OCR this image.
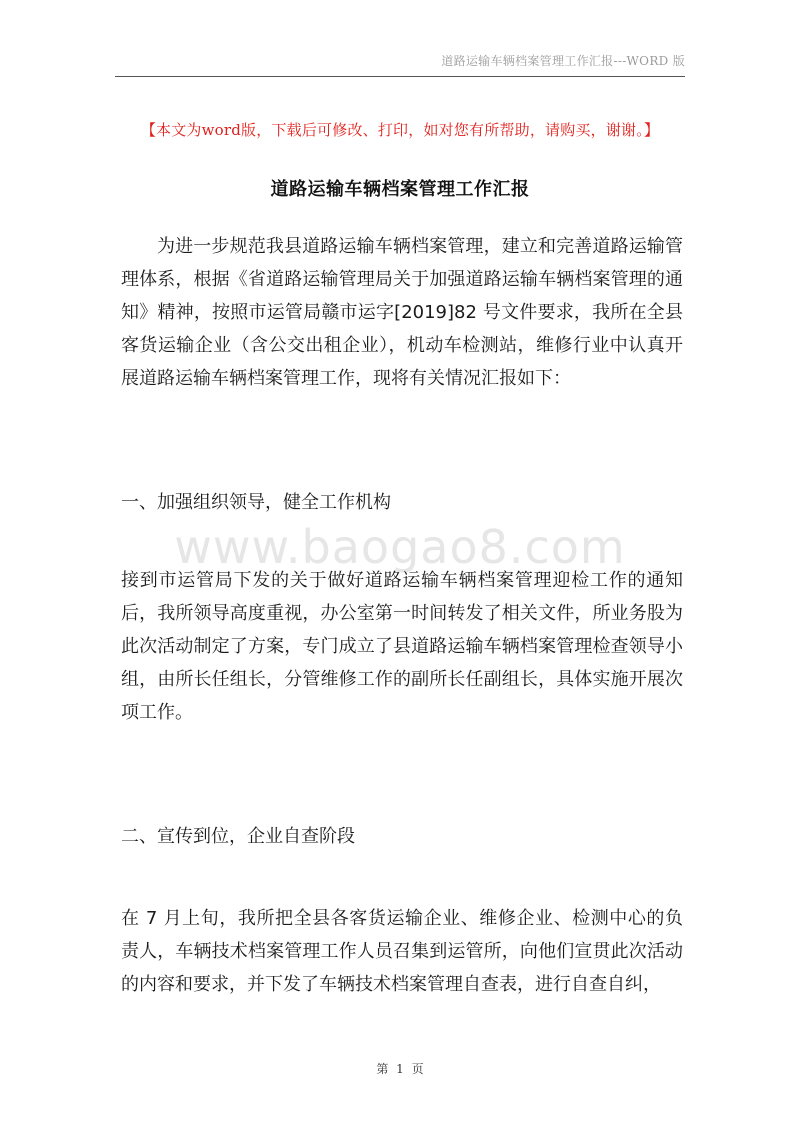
道路运输车辆档案管理工作汇报---WORD 版
【本文为word版，下载后可修改、打印，如对您有所帮助，请购买，谢谢。】
道路运输车辆档案管理工作汇报

为进一步规范我县道路运输车辆档案管理，建立和完善道路运输管理体系，根据《省道路运输管理局关于加强道路运输车辆档案管理的通知》精神，按照市运管局赣市运字[2019]82 号文件要求，我所在全县客货运输企业（含公交出租企业），机动车检测站，维修行业中认真开展道路运输车辆档案管理工作，现将有关情况汇报如下：

一、加强组织领导，健全工作机构

www.baogao8.com

接到市运管局下发的关于做好道路运输车辆档案管理迎检工作的通知后，我所领导高度重视，办公室第一时间转发了相关文件，所业务股为此次活动制定了方案，专门成立了县道路运输车辆档案管理检查领导小组，由所长任组长，分管维修工作的副所长任副组长，具体实施开展次项工作。

二、宣传到位，企业自查阶段

在 7 月上旬，我所把全县各客货运输企业、维修企业、检测中心的负责人，车辆技术档案管理工作人员召集到运管所，向他们宣贯此次活动的内容和要求，并下发了车辆技术档案管理自查表，进行自查自纠，

第 1 页
